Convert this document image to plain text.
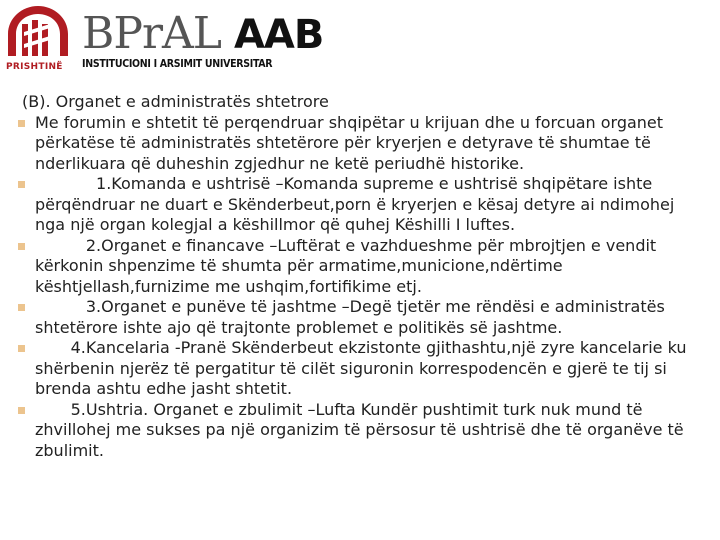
PRISHTINË
BPrAL AAB
INSTITUCIONI I ARSIMIT UNIVERSITAR
(B). Organet e administratës shtetrore
Me forumin e shtetit të perqendruar shqipëtar u krijuan dhe u forcuan organet përkatëse të administratës shtetërore për kryerjen e detyrave të shumtae të nderlikuara që duheshin zgjedhur ne ketë periudhë historike.
1.Komanda e ushtrisë –Komanda supreme e ushtrisë shqipëtare ishte përqëndruar ne duart e Skënderbeut,porn ë kryerjen e kësaj detyre ai ndimohej nga një organ kolegjal a këshillmor që quhej Këshilli I luftes.
2.Organet e financave –Luftërat e vazhdueshme për mbrojtjen e vendit kërkonin shpenzime të shumta për armatime,municione,ndërtime kështjellash,furnizime me ushqim,fortifikime etj.
3.Organet e punëve të jashtme –Degë tjetër me rëndësi e administratës shtetërore ishte ajo që trajtonte problemet e politikës së jashtme.
4.Kancelaria -Pranë Skënderbeut ekzistonte gjithashtu,një zyre kancelarie ku shërbenin njerëz të pergatitur të cilët siguronin korrespodencën e gjerë te tij si  brenda ashtu edhe jasht shtetit.
5.Ushtria. Organet e zbulimit –Lufta Kundër pushtimit turk nuk mund të zhvillohej me sukses pa një organizim të përsosur të ushtrisë dhe të organëve të zbulimit.
